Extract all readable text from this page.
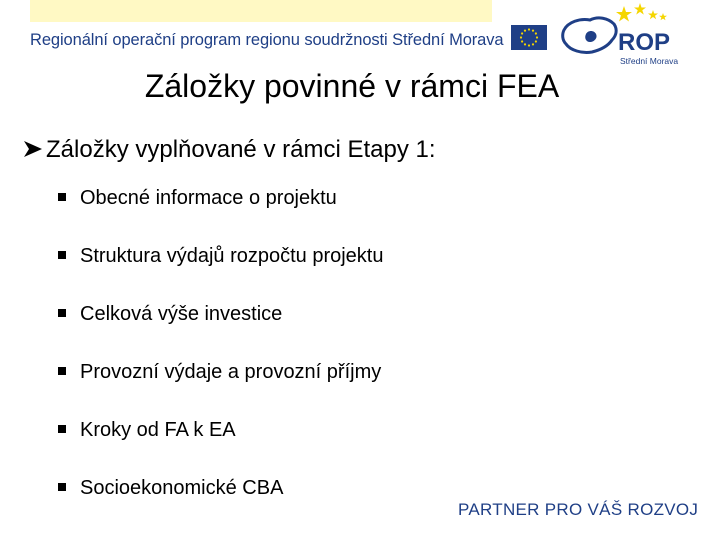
Regionální operační program regionu soudržnosti Střední Morava	ROP
Střední Morava
Záložky povinné v rámci FEA
Záložky vyplňované v rámci Etapy 1:
Obecné informace o projektu
Struktura výdajů rozpočtu projektu
Celková výše investice
Provozní výdaje a provozní příjmy
Kroky od FA k EA
Socioekonomické CBA
PARTNER PRO VÁŠ ROZVOJ
